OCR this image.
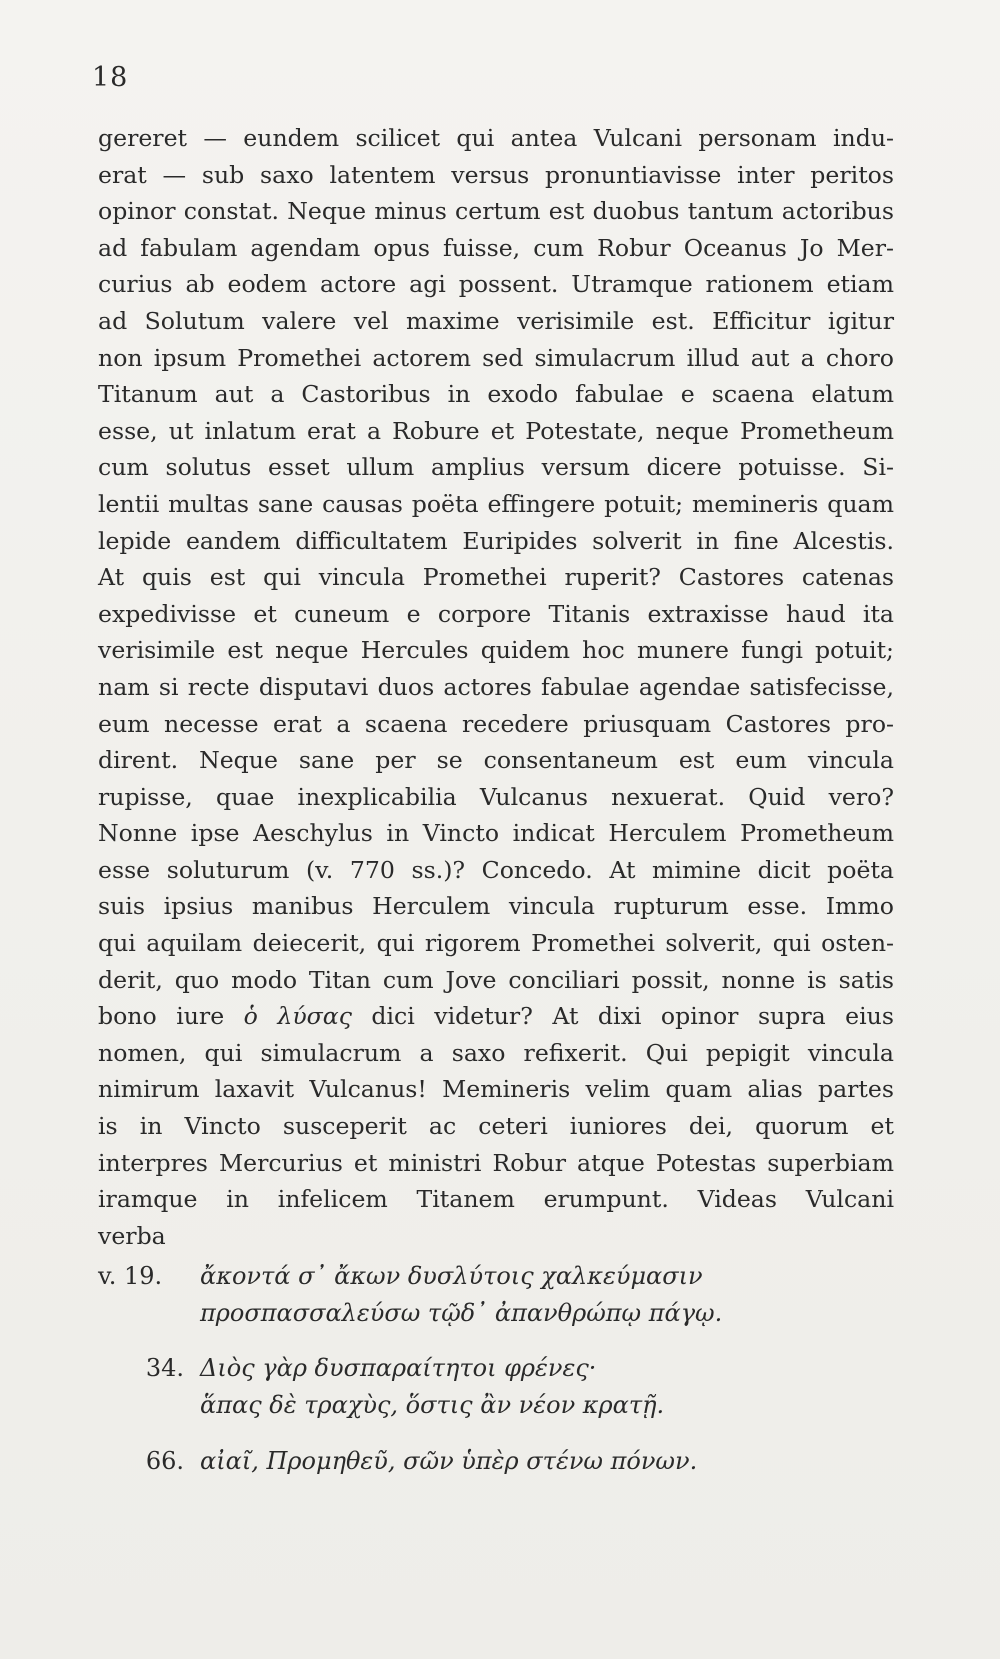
18
gereret — eundem scilicet qui antea Vulcani personam indu-
erat — sub saxo latentem versus pronuntiavisse inter peritos
opinor constat. Neque minus certum est duobus tantum actoribus
ad fabulam agendam opus fuisse, cum Robur Oceanus Jo Mer-
curius ab eodem actore agi possent. Utramque rationem etiam
ad Solutum valere vel maxime verisimile est. Efficitur igitur
non ipsum Promethei actorem sed simulacrum illud aut a choro
Titanum aut a Castoribus in exodo fabulae e scaena elatum
esse, ut inlatum erat a Robure et Potestate, neque Prometheum
cum solutus esset ullum amplius versum dicere potuisse. Si-
lentii multas sane causas poëta effingere potuit; memineris quam
lepide eandem difficultatem Euripides solverit in fine Alcestis.
At quis est qui vincula Promethei ruperit? Castores catenas
expedivisse et cuneum e corpore Titanis extraxisse haud ita
verisimile est neque Hercules quidem hoc munere fungi potuit;
nam si recte disputavi duos actores fabulae agendae satisfecisse,
eum necesse erat a scaena recedere priusquam Castores pro-
dirent. Neque sane per se consentaneum est eum vincula
rupisse, quae inexplicabilia Vulcanus nexuerat. Quid vero?
Nonne ipse Aeschylus in Vincto indicat Herculem Prometheum
esse soluturum (v. 770 ss.)? Concedo. At mimine dicit poëta
suis ipsius manibus Herculem vincula rupturum esse. Immo
qui aquilam deiecerit, qui rigorem Promethei solverit, qui osten-
derit, quo modo Titan cum Jove conciliari possit, nonne is satis
bono iure ὁ λύσας dici videtur? At dixi opinor supra eius
nomen, qui simulacrum a saxo refixerit. Qui pepigit vincula
nimirum laxavit Vulcanus! Memineris velim quam alias partes
is in Vincto susceperit ac ceteri iuniores dei, quorum et
interpres Mercurius et ministri Robur atque Potestas superbiam
iramque in infelicem Titanem erumpunt. Videas Vulcani
verba
v. 19.	ἄκοντά σ᾽ ἄκων δυσλύτοις χαλκεύμασιν
προσπασσαλεύσω τῷδ᾽ ἀπανθρώπῳ πάγῳ.
34. Διὸς γὰρ δυσπαραίτητοι φρένες·
ἅπας δὲ τραχὺς, ὅστις ἂν νέον κρατῇ.
66. αἰαῖ, Προμηθεῦ, σῶν ὑπὲρ στένω πόνων.
